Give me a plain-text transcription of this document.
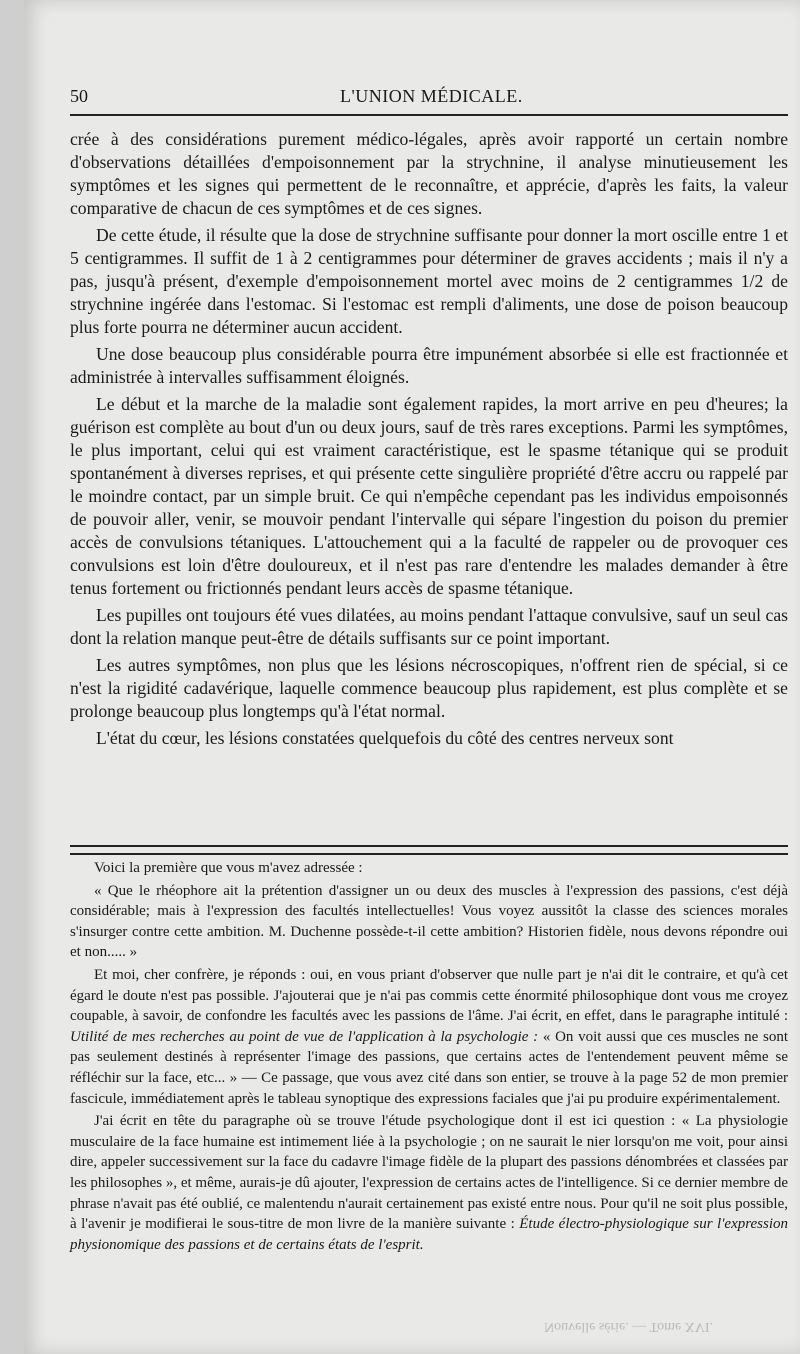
50	L'UNION MÉDICALE.

crée à des considérations purement médico-légales, après avoir rapporté un certain nombre d'observations détaillées d'empoisonnement par la strychnine, il analyse minutieusement les symptômes et les signes qui permettent de le reconnaître, et apprécie, d'après les faits, la valeur comparative de chacun de ces symptômes et de ces signes.

De cette étude, il résulte que la dose de strychnine suffisante pour donner la mort oscille entre 1 et 5 centigrammes. Il suffit de 1 à 2 centigrammes pour déterminer de graves accidents ; mais il n'y a pas, jusqu'à présent, d'exemple d'empoisonnement mortel avec moins de 2 centigrammes 1/2 de strychnine ingérée dans l'estomac. Si l'estomac est rempli d'aliments, une dose de poison beaucoup plus forte pourra ne déterminer aucun accident.

Une dose beaucoup plus considérable pourra être impunément absorbée si elle est fractionnée et administrée à intervalles suffisamment éloignés.

Le début et la marche de la maladie sont également rapides, la mort arrive en peu d'heures; la guérison est complète au bout d'un ou deux jours, sauf de très rares exceptions. Parmi les symptômes, le plus important, celui qui est vraiment caractéristique, est le spasme tétanique qui se produit spontanément à diverses reprises, et qui présente cette singulière propriété d'être accru ou rappelé par le moindre contact, par un simple bruit. Ce qui n'empêche cependant pas les individus empoisonnés de pouvoir aller, venir, se mouvoir pendant l'intervalle qui sépare l'ingestion du poison du premier accès de convulsions tétaniques. L'attouchement qui a la faculté de rappeler ou de provoquer ces convulsions est loin d'être douloureux, et il n'est pas rare d'entendre les malades demander à être tenus fortement ou frictionnés pendant leurs accès de spasme tétanique.

Les pupilles ont toujours été vues dilatées, au moins pendant l'attaque convulsive, sauf un seul cas dont la relation manque peut-être de détails suffisants sur ce point important.

Les autres symptômes, non plus que les lésions nécroscopiques, n'offrent rien de spécial, si ce n'est la rigidité cadavérique, laquelle commence beaucoup plus rapidement, est plus complète et se prolonge beaucoup plus longtemps qu'à l'état normal.

L'état du cœur, les lésions constatées quelquefois du côté des centres nerveux sont

Voici la première que vous m'avez adressée :

« Que le rhéophore ait la prétention d'assigner un ou deux des muscles à l'expression des passions, c'est déjà considérable; mais à l'expression des facultés intellectuelles! Vous voyez aussitôt la classe des sciences morales s'insurger contre cette ambition. M. Duchenne possède-t-il cette ambition? Historien fidèle, nous devons répondre oui et non..... »

Et moi, cher confrère, je réponds : oui, en vous priant d'observer que nulle part je n'ai dit le contraire, et qu'à cet égard le doute n'est pas possible. J'ajouterai que je n'ai pas commis cette énormité philosophique dont vous me croyez coupable, à savoir, de confondre les facultés avec les passions de l'âme. J'ai écrit, en effet, dans le paragraphe intitulé : Utilité de mes recherches au point de vue de l'application à la psychologie : « On voit aussi que ces muscles ne sont pas seulement destinés à représenter l'image des passions, que certains actes de l'entendement peuvent même se réfléchir sur la face, etc... » — Ce passage, que vous avez cité dans son entier, se trouve à la page 52 de mon premier fascicule, immédiatement après le tableau synoptique des expressions faciales que j'ai pu produire expérimentalement.

J'ai écrit en tête du paragraphe où se trouve l'étude psychologique dont il est ici question : « La physiologie musculaire de la face humaine est intimement liée à la psychologie ; on ne saurait le nier lorsqu'on me voit, pour ainsi dire, appeler successivement sur la face du cadavre l'image fidèle de la plupart des passions dénombrées et classées par les philosophes », et même, aurais-je dû ajouter, l'expression de certains actes de l'intelligence. Si ce dernier membre de phrase n'avait pas été oublié, ce malentendu n'aurait certainement pas existé entre nous. Pour qu'il ne soit plus possible, à l'avenir je modifierai le sous-titre de mon livre de la manière suivante : Étude électro-physiologique sur l'expression physionomique des passions et de certains états de l'esprit.

Nouvelle série. — Tome XVI.
